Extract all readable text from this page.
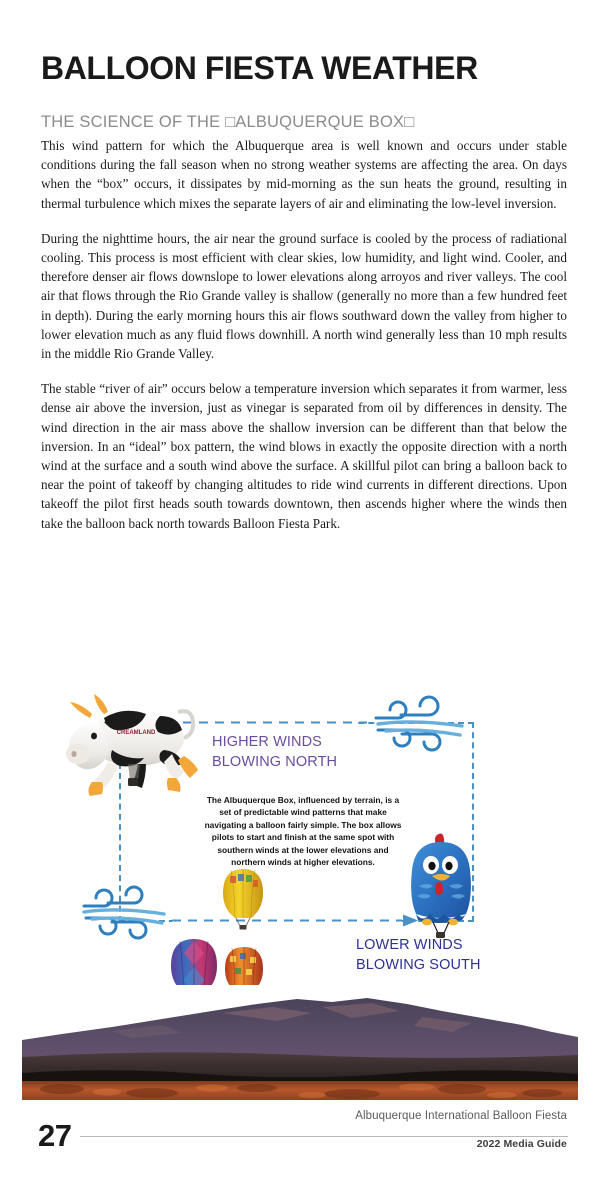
BALLOON FIESTA WEATHER
THE SCIENCE OF THE □ALBUQUERQUE BOX□

This wind pattern for which the Albuquerque area is well known and occurs under stable conditions during the fall season when no strong weather systems are affecting the area. On days when the “box” occurs, it dissipates by mid-morning as the sun heats the ground, resulting in thermal turbulence which mixes the separate layers of air and eliminating the low-level inversion.

During the nighttime hours, the air near the ground surface is cooled by the process of radiational cooling. This process is most efficient with clear skies, low humidity, and light wind. Cooler, and therefore denser air flows downslope to lower elevations along arroyos and river valleys. The cool air that flows through the Rio Grande valley is shallow (generally no more than a few hundred feet in depth). During the early morning hours this air flows southward down the valley from higher to lower elevation much as any fluid flows downhill. A north wind generally less than 10 mph results in the middle Rio Grande Valley.

The stable “river of air” occurs below a temperature inversion which separates it from warmer, less dense air above the inversion, just as vinegar is separated from oil by differences in density. The wind direction in the air mass above the shallow inversion can be different than that below the inversion. In an “ideal” box pattern, the wind blows in exactly the opposite direction with a north wind at the surface and a south wind above the surface. A skillful pilot can bring a balloon back to near the point of takeoff by changing altitudes to ride wind currents in different directions. Upon takeoff the pilot first heads south towards downtown, then ascends higher where the winds then take the balloon back north towards Balloon Fiesta Park.

CREAMLAND
HIGHER WINDS
BLOWING NORTH
LOWER WINDS
BLOWING SOUTH
The Albuquerque Box, influenced by terrain, is a set of predictable wind patterns that make navigating a balloon fairly simple. The box allows pilots to start and finish at the same spot with southern winds at the lower elevations and northern winds at higher elevations.
27
Albuquerque International Balloon Fiesta
2022 Media Guide
